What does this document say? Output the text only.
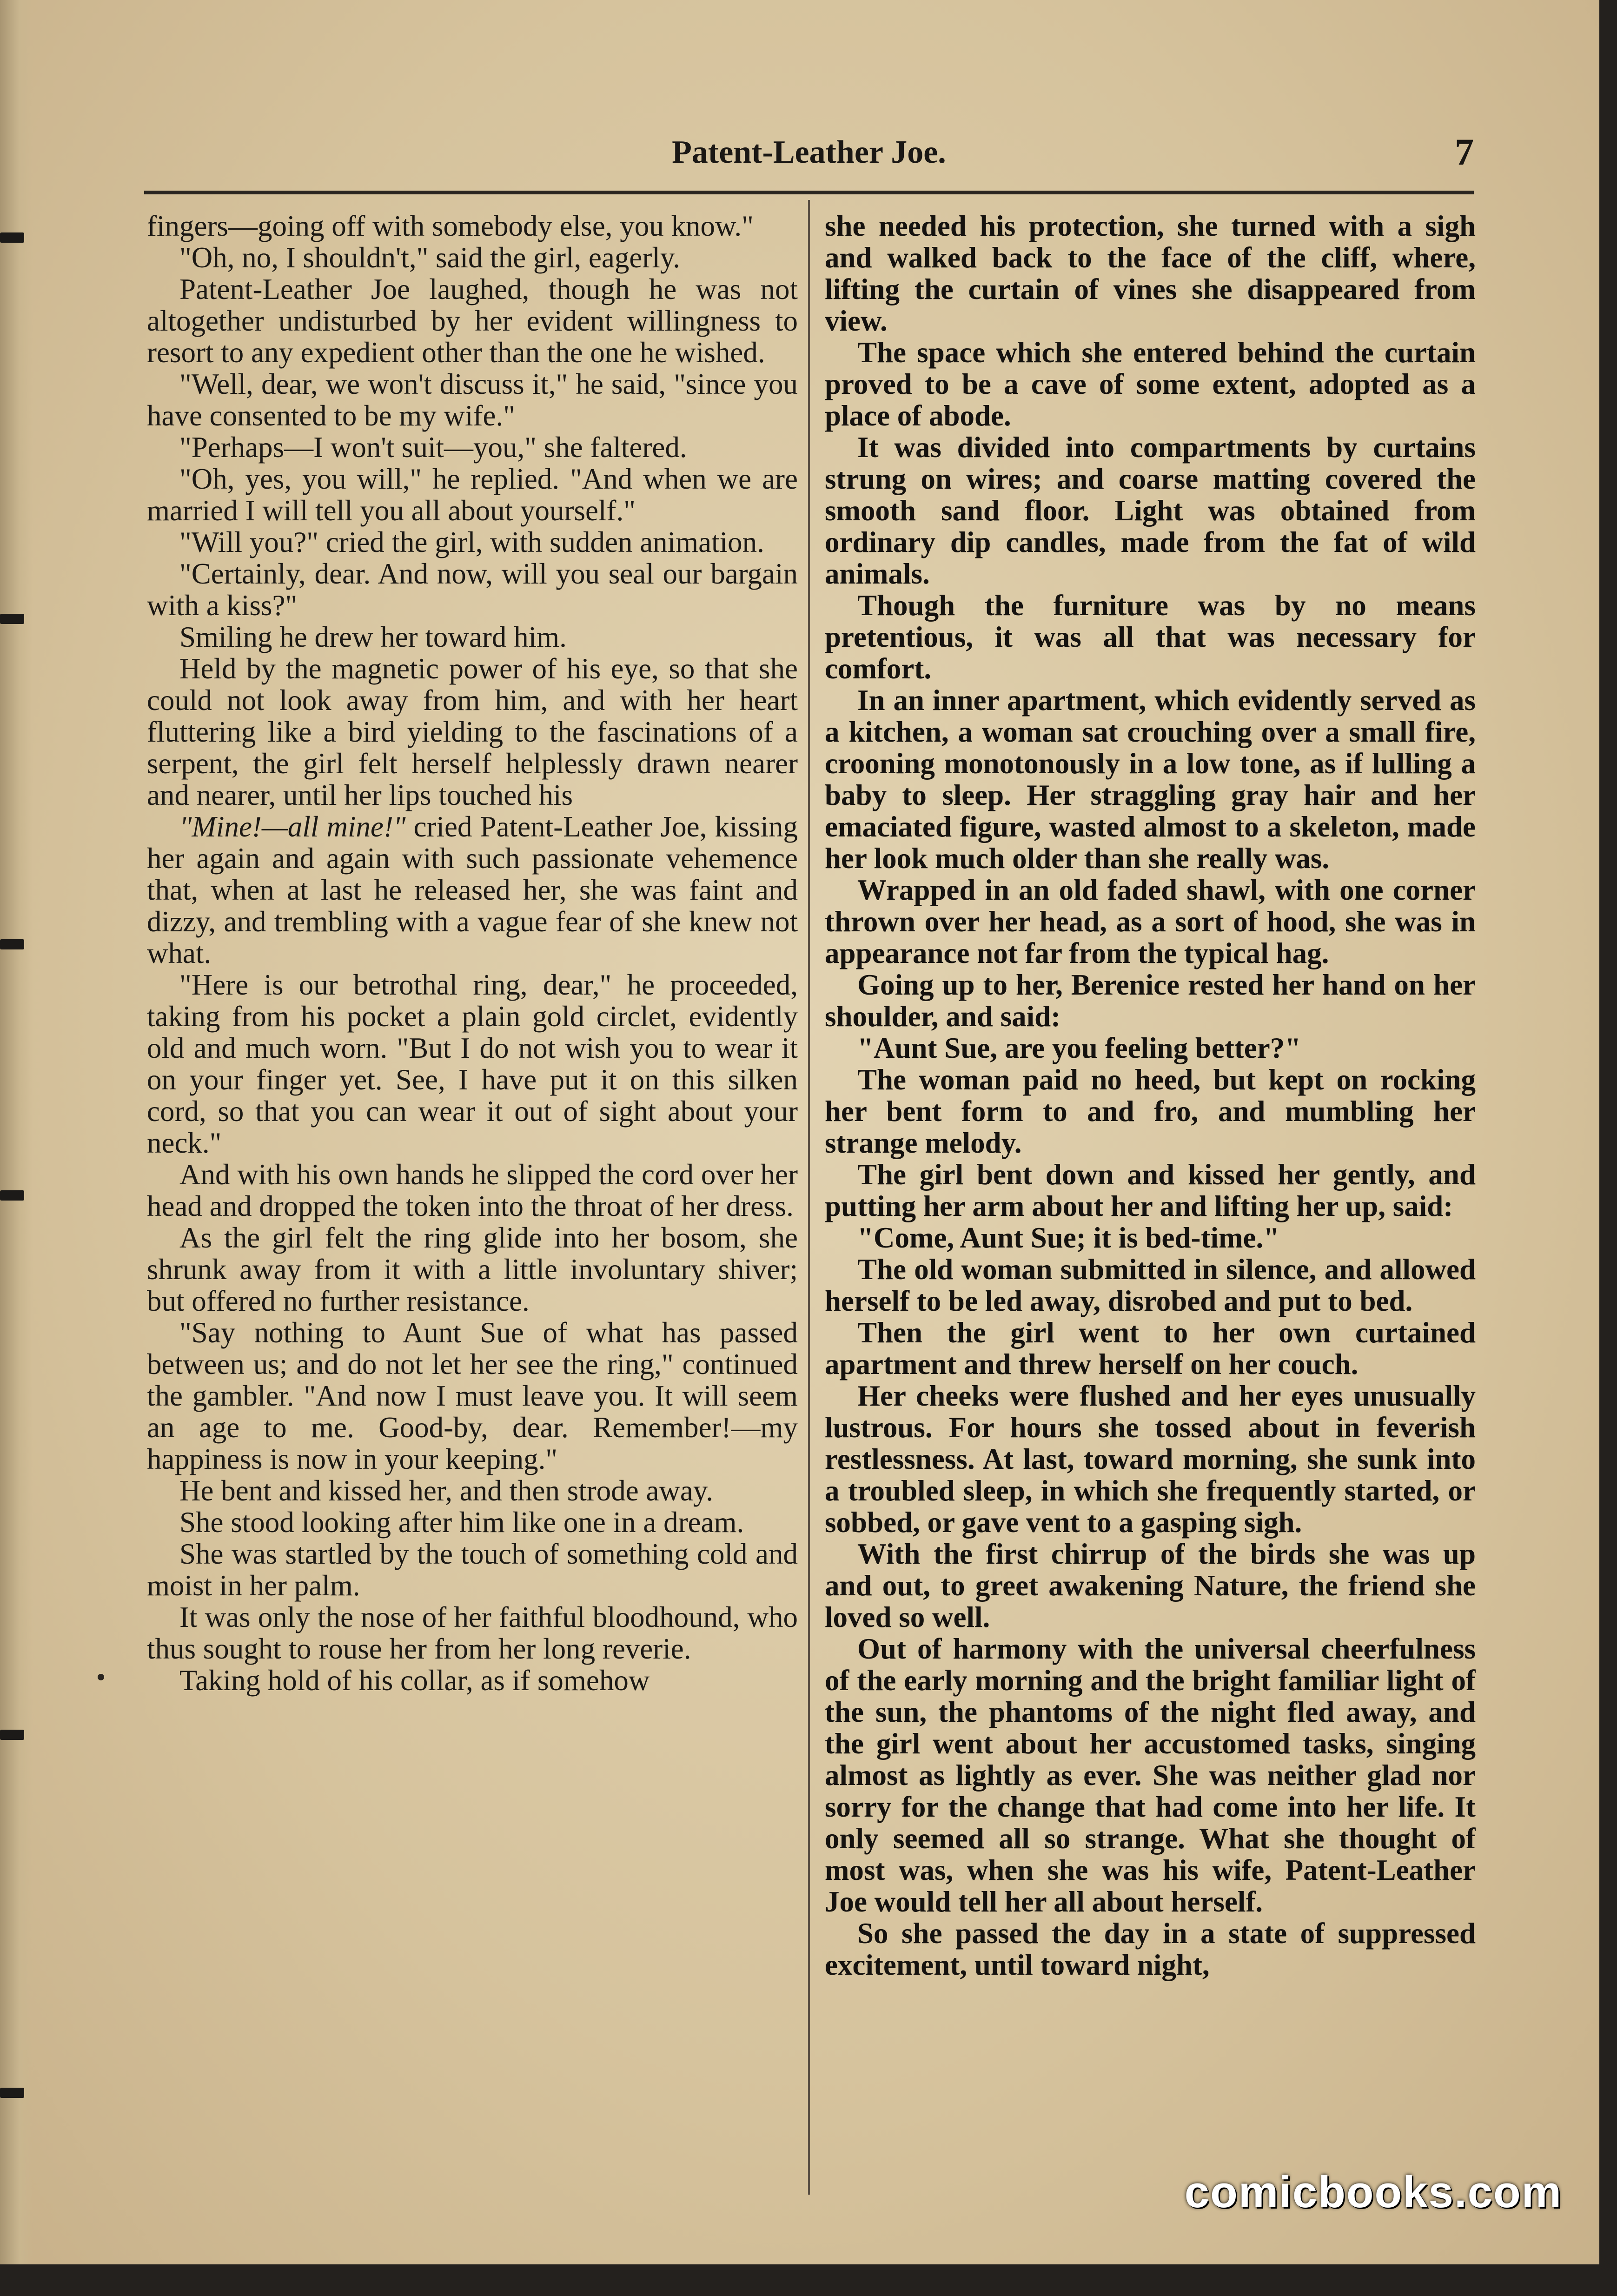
Patent-Leather Joe.	7

fingers—going off with somebody else, you know."

"Oh, no, I shouldn't," said the girl, eagerly.

Patent-Leather Joe laughed, though he was not altogether undisturbed by her evident willingness to resort to any expedient other than the one he wished.

"Well, dear, we won't discuss it," he said, "since you have consented to be my wife."

"Perhaps—I won't suit—you," she faltered.

"Oh, yes, you will," he replied. "And when we are married I will tell you all about yourself."

"Will you?" cried the girl, with sudden animation.

"Certainly, dear. And now, will you seal our bargain with a kiss?"

Smiling he drew her toward him.

Held by the magnetic power of his eye, so that she could not look away from him, and with her heart fluttering like a bird yielding to the fascinations of a serpent, the girl felt herself helplessly drawn nearer and nearer, until her lips touched his

"Mine!—all mine!" cried Patent-Leather Joe, kissing her again and again with such passionate vehemence that, when at last he released her, she was faint and dizzy, and trembling with a vague fear of she knew not what.

"Here is our betrothal ring, dear," he proceeded, taking from his pocket a plain gold circlet, evidently old and much worn. "But I do not wish you to wear it on your finger yet. See, I have put it on this silken cord, so that you can wear it out of sight about your neck."

And with his own hands he slipped the cord over her head and dropped the token into the throat of her dress.

As the girl felt the ring glide into her bosom, she shrunk away from it with a little involuntary shiver; but offered no further resistance.

"Say nothing to Aunt Sue of what has passed between us; and do not let her see the ring," continued the gambler. "And now I must leave you. It will seem an age to me. Good-by, dear. Remember!—my happiness is now in your keeping."

He bent and kissed her, and then strode away.

She stood looking after him like one in a dream.

She was startled by the touch of something cold and moist in her palm.

It was only the nose of her faithful bloodhound, who thus sought to rouse her from her long reverie.

Taking hold of his collar, as if somehow

she needed his protection, she turned with a sigh and walked back to the face of the cliff, where, lifting the curtain of vines she disappeared from view.

The space which she entered behind the curtain proved to be a cave of some extent, adopted as a place of abode.

It was divided into compartments by curtains strung on wires; and coarse matting covered the smooth sand floor. Light was obtained from ordinary dip candles, made from the fat of wild animals.

Though the furniture was by no means pretentious, it was all that was necessary for comfort.

In an inner apartment, which evidently served as a kitchen, a woman sat crouching over a small fire, crooning monotonously in a low tone, as if lulling a baby to sleep. Her straggling gray hair and her emaciated figure, wasted almost to a skeleton, made her look much older than she really was.

Wrapped in an old faded shawl, with one corner thrown over her head, as a sort of hood, she was in appearance not far from the typical hag.

Going up to her, Berenice rested her hand on her shoulder, and said:

"Aunt Sue, are you feeling better?"

The woman paid no heed, but kept on rocking her bent form to and fro, and mumbling her strange melody.

The girl bent down and kissed her gently, and putting her arm about her and lifting her up, said:

"Come, Aunt Sue; it is bed-time."

The old woman submitted in silence, and allowed herself to be led away, disrobed and put to bed.

Then the girl went to her own curtained apartment and threw herself on her couch.

Her cheeks were flushed and her eyes unusually lustrous. For hours she tossed about in feverish restlessness. At last, toward morning, she sunk into a troubled sleep, in which she frequently started, or sobbed, or gave vent to a gasping sigh.

With the first chirrup of the birds she was up and out, to greet awakening Nature, the friend she loved so well.

Out of harmony with the universal cheerfulness of the early morning and the bright familiar light of the sun, the phantoms of the night fled away, and the girl went about her accustomed tasks, singing almost as lightly as ever. She was neither glad nor sorry for the change that had come into her life. It only seemed all so strange. What she thought of most was, when she was his wife, Patent-Leather Joe would tell her all about herself.

So she passed the day in a state of suppressed excitement, until toward night,

comicbooks.com
